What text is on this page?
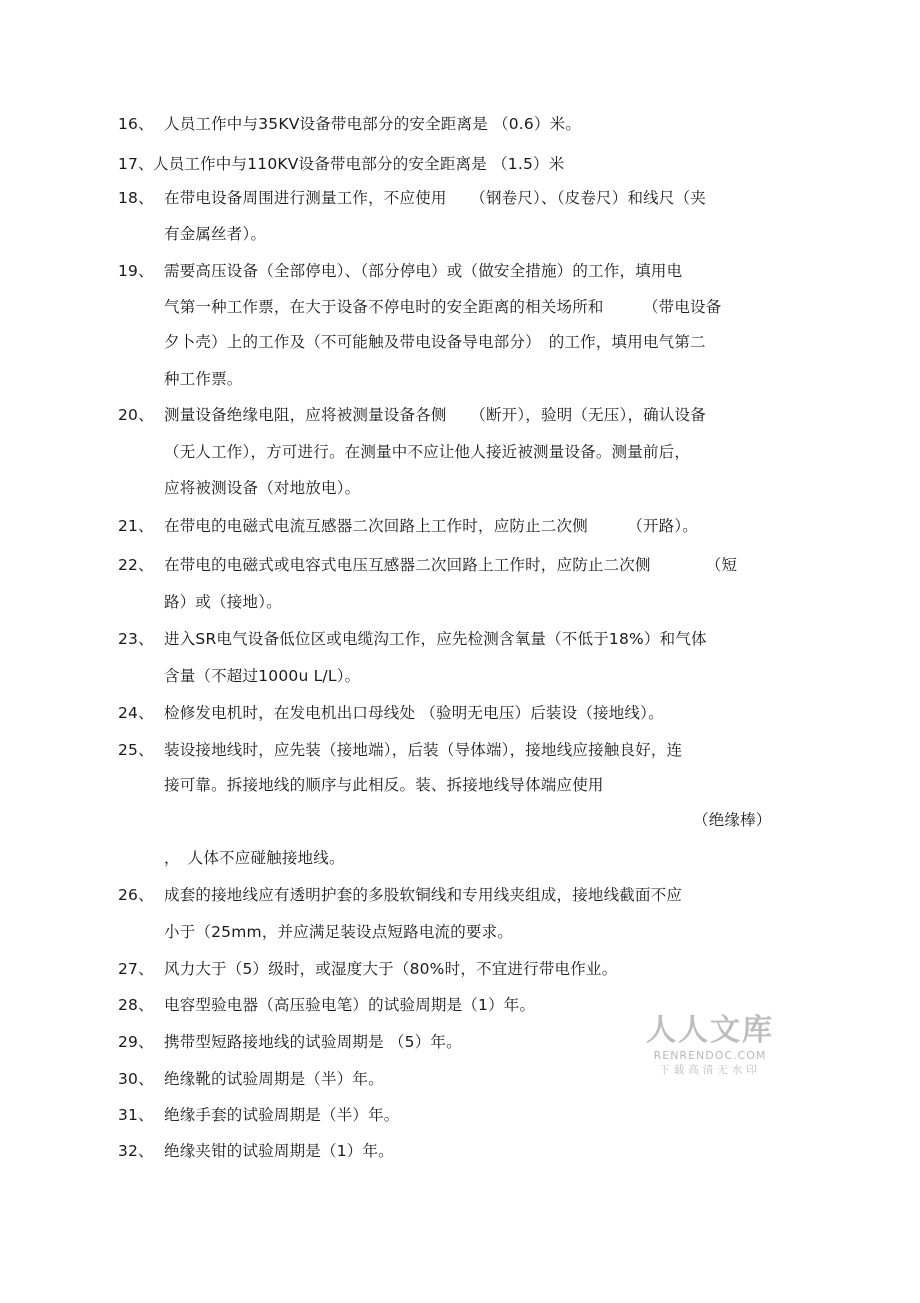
16、 人员工作中与35KV设备带电部分的安全距离是 （0.6）米。
17、 人员工作中与110KV设备带电部分的安全距离是 （1.5）米
18、 在带电设备周围进行测量工作，不应使用　　（钢卷尺）、（皮卷尺）和线尺（夹
有金属丝者）。
19、 需要高压设备（全部停电）、（部分停电）或（做安全措施）的工作，填用电
气第一种工作票，在大于设备不停电时的安全距离的相关场所和　　　（带电设备
夕卜壳）上的工作及（不可能触及带电设备导电部分）　的工作，填用电气第二
种工作票。
20、 测量设备绝缘电阻，应将被测量设备各侧　　（断开），验明（无压），确认设备
（无人工作），方可进行。在测量中不应让他人接近被测量设备。测量前后，
应将被测设备（对地放电）。
21、 在带电的电磁式电流互感器二次回路上工作时，应防止二次侧　　　（开路）。
22、 在带电的电磁式或电容式电压互感器二次回路上工作时，应防止二次侧　　　　（短
路）或（接地）。
23、 进入SR电气设备低位区或电缆沟工作，应先检测含氧量（不低于18%）和气体
含量（不超过1000u L/L）。
24、 检修发电机时，在发电机出口母线处 （验明无电压）后装设（接地线）。
25、 装设接地线时，应先装（接地端），后装（导体端），接地线应接触良好，连
接可靠。拆接地线的顺序与此相反。装、拆接地线导体端应使用
（绝缘棒）
，　人体不应碰触接地线。
26、 成套的接地线应有透明护套的多股软铜线和专用线夹组成，接地线截面不应
小于（25mm，并应满足装设点短路电流的要求。
27、 风力大于（5）级时，或湿度大于（80%时，不宜进行带电作业。
28、 电容型验电器（高压验电笔）的试验周期是（1）年。
29、 携带型短路接地线的试验周期是 （5）年。
30、 绝缘靴的试验周期是（半）年。
31、 绝缘手套的试验周期是（半）年。
32、 绝缘夹钳的试验周期是（1）年。
人人文库
RENRENDOC.COM
下载高清无水印
